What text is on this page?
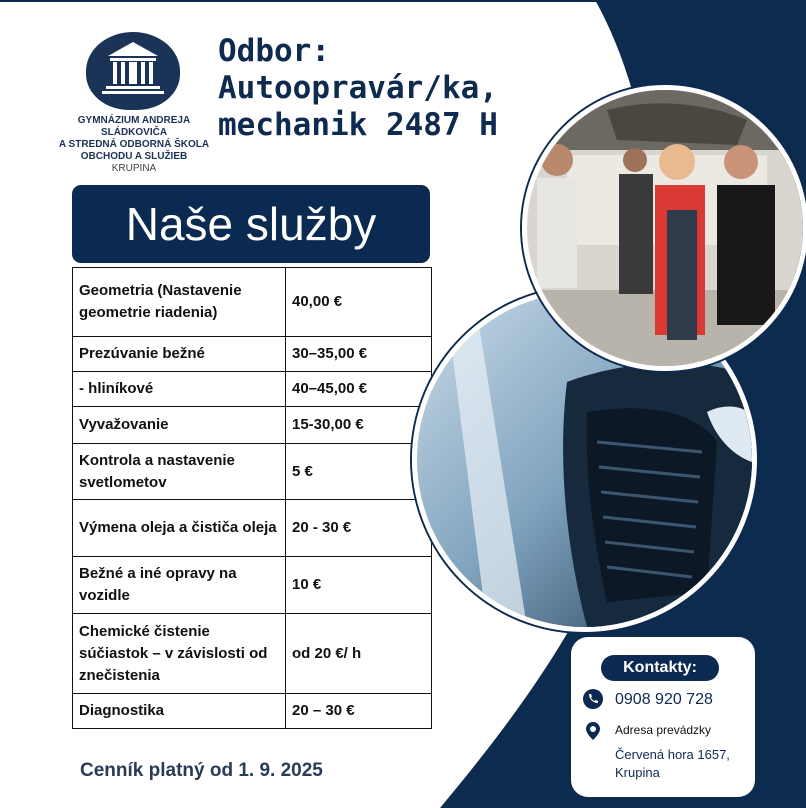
GYMNÁZIUM ANDREJA SLÁDKOVIČA
A STREDNÁ ODBORNÁ ŠKOLA
OBCHODU A SLUŽIEB
KRUPINA
Odbor:
Autoopravár/ka,
mechanik 2487 H
Naše služby
Geometria (Nastavenie geometrie riadenia)	40,00 €
Prezúvanie bežné	30–35,00 €
- hliníkové	40–45,00 €
Vyvažovanie	15-30,00 €
Kontrola a nastavenie svetlometov	5 €
Výmena oleja a čističa oleja	20 - 30 €
Bežné a iné opravy na vozidle	10 €
Chemické čistenie súčiastok – v závislosti od znečistenia	od 20 €/ h
Diagnostika	20 – 30 €
Cenník platný od 1. 9. 2025
Kontakty:
0908 920 728
Adresa prevádzky
Červená hora 1657,
Krupina
